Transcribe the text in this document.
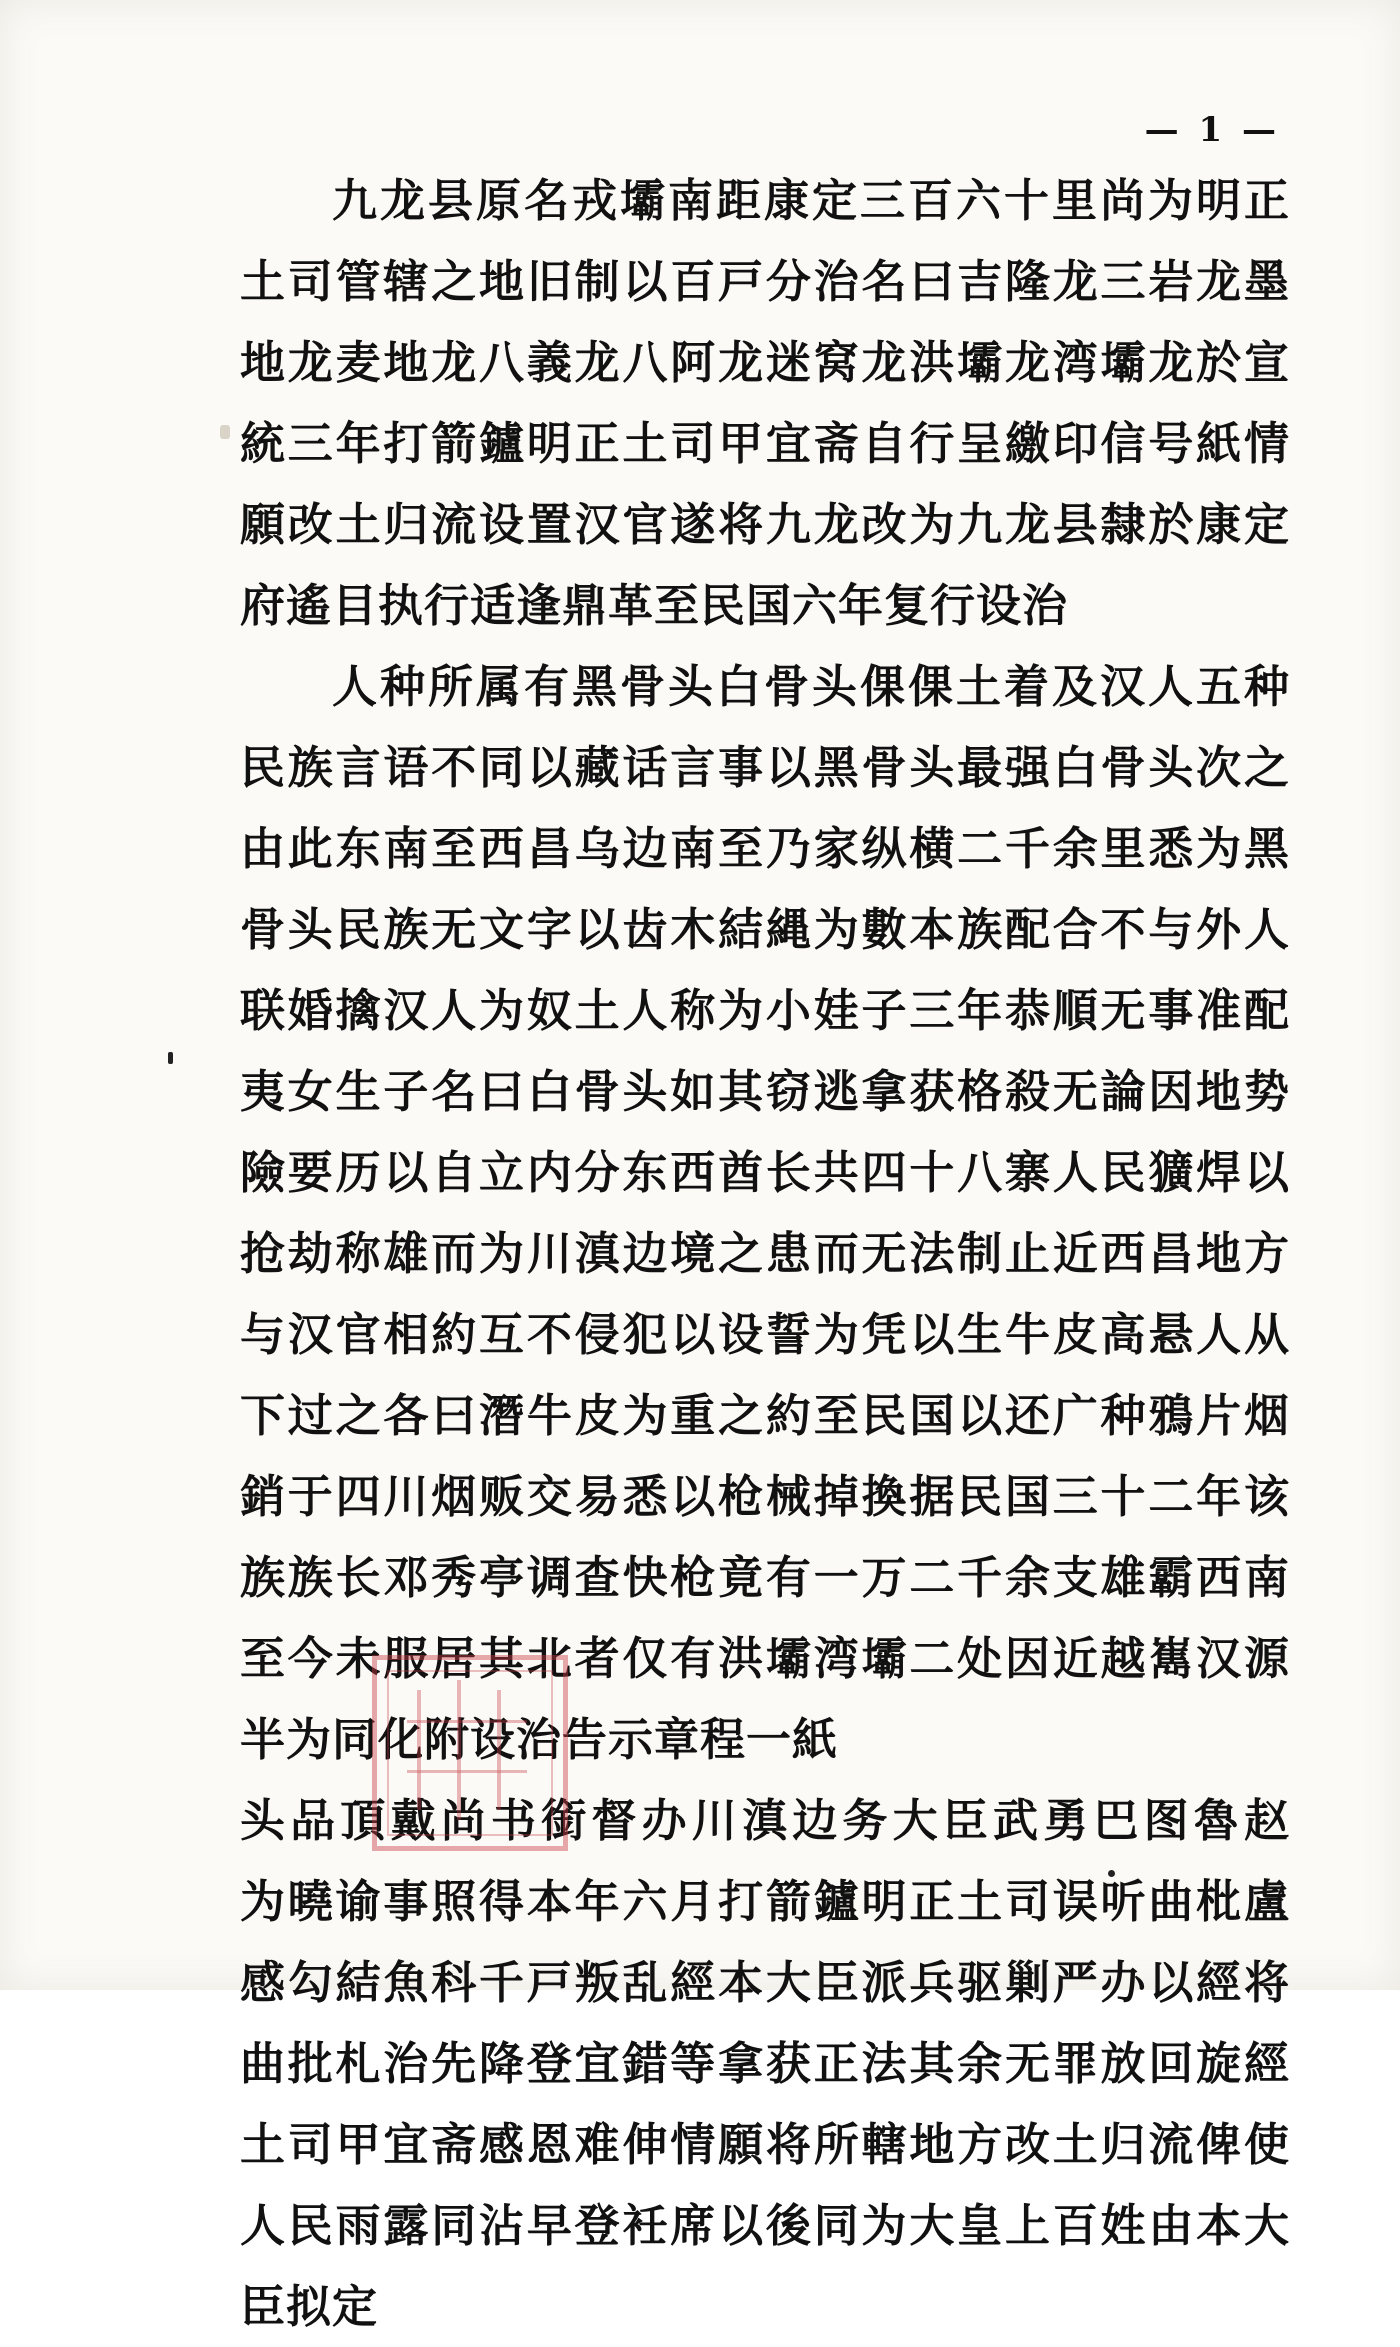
— 1 —

九龙县原名戎壩南距康定三百六十里尚为明正土司管辖之地旧制以百戸分治名曰吉隆龙三岩龙墨地龙麦地龙八義龙八阿龙迷窝龙洪壩龙湾壩龙於宣統三年打箭鑪明正土司甲宜斋自行呈繳印信号紙情願改土归流设置汉官遂将九龙改为九龙县隸於康定府遙目执行适逢鼎革至民国六年复行设治

人种所属有黑骨头白骨头倮倮土着及汉人五种民族言语不同以藏话言事以黑骨头最强白骨头次之由此东南至西昌乌边南至乃家纵横二千余里悉为黑骨头民族无文字以齿木結縄为數本族配合不与外人联婚擒汉人为奴土人称为小娃子三年恭順无事准配夷女生子名曰白骨头如其窃逃拿获格殺无論因地势險要历以自立内分东西酋长共四十八寨人民獷焊以抢劫称雄而为川滇边境之患而无法制止近西昌地方与汉官相約互不侵犯以设誓为凭以生牛皮高悬人从下过之各曰潛牛皮为重之約至民国以还广种鴉片烟銷于四川烟贩交易悉以枪械掉換据民国三十二年该族族长邓秀亭调查快枪竟有一万二千余支雄霸西南至今未服居其北者仅有洪壩湾壩二处因近越嶲汉源半为同化附设治告示章程一紙

头品頂戴尚书銜督办川滇边务大臣武勇巴图魯赵　为曉谕事照得本年六月打箭鑪明正土司误听曲枇盧感勾結魚科千戸叛乱經本大臣派兵驱剿严办以經将曲批札治先降登宜錯等拿获正法其余无罪放回旋經土司甲宜斋感恩难伸情願将所轄地方改土归流俾使人民雨露同沾早登衽席以後同为大皇上百姓由本大臣拟定
